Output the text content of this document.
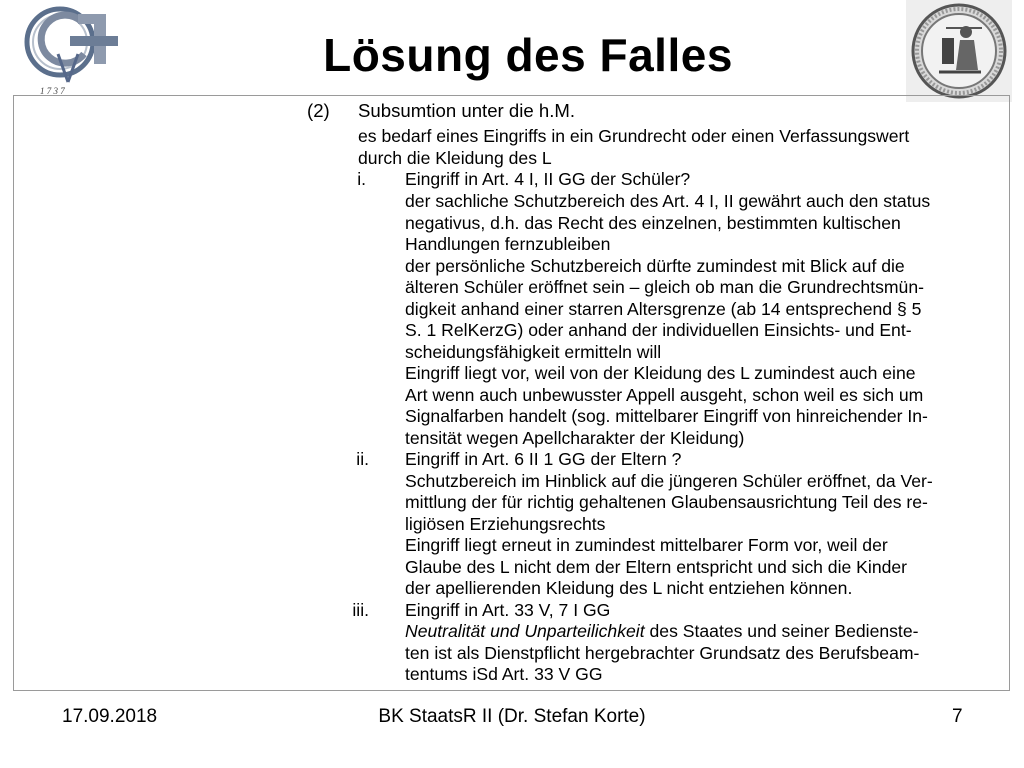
1 7 3 7
Lösung des Falles
(2) Subsumtion unter die h.M.
es bedarf eines Eingriffs in ein Grundrecht oder einen Verfassungswert
durch die Kleidung des L
i. Eingriff in Art. 4 I, II GG der Schüler?
der sachliche Schutzbereich des Art. 4 I, II gewährt auch den status
negativus, d.h. das Recht des einzelnen, bestimmten kultischen
Handlungen fernzubleiben
der persönliche Schutzbereich dürfte zumindest mit Blick auf die
älteren Schüler eröffnet sein – gleich ob man die Grundrechtsmün-
digkeit anhand einer starren Altersgrenze (ab 14 entsprechend § 5
S. 1 RelKerzG) oder anhand der individuellen Einsichts- und Ent-
scheidungsfähigkeit ermitteln will
Eingriff liegt vor, weil von der Kleidung des L zumindest auch eine
Art wenn auch unbewusster Appell ausgeht, schon weil es sich um
Signalfarben handelt (sog. mittelbarer Eingriff von hinreichender In-
tensität wegen Apellcharakter der Kleidung)
ii. Eingriff in Art. 6 II 1 GG der Eltern ?
Schutzbereich im Hinblick auf die jüngeren Schüler eröffnet, da Ver-
mittlung der für richtig gehaltenen Glaubensausrichtung Teil des re-
ligiösen Erziehungsrechts
Eingriff liegt erneut in zumindest mittelbarer Form vor, weil der
Glaube des L nicht dem der Eltern entspricht und sich die Kinder
der apellierenden Kleidung des L nicht entziehen können.
iii. Eingriff in Art. 33 V, 7 I GG
Neutralität und Unparteilichkeit des Staates und seiner Bedienste-
ten ist als Dienstpflicht hergebrachter Grundsatz des Berufsbeam-
tentums iSd Art. 33 V GG
17.09.2018	BK StaatsR II (Dr. Stefan Korte)	7
